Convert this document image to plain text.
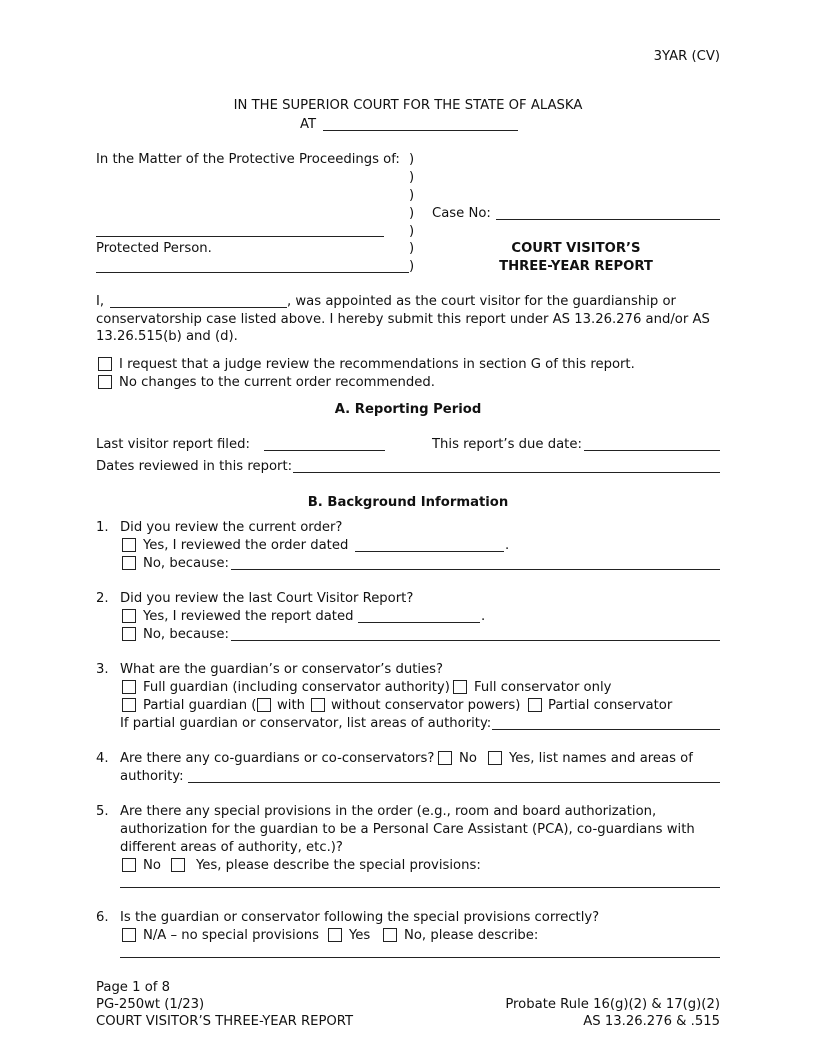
3YAR (CV)
IN THE SUPERIOR COURT FOR THE STATE OF ALASKA
AT
In the Matter of the Protective Proceedings of: )
)
)
)
)
)
)
Case No:
Protected Person.	COURT VISITOR’S
THREE-YEAR REPORT
I,	, was appointed as the court visitor for the guardianship or
conservatorship case listed above. I hereby submit this report under AS 13.26.276 and/or AS
13.26.515(b) and (d).
I request that a judge review the recommendations in section G of this report.
No changes to the current order recommended.
A. Reporting Period
Last visitor report filed:	This report’s due date:
Dates reviewed in this report:
B. Background Information
1. Did you review the current order?
Yes, I reviewed the order dated	.
No, because:
2. Did you review the last Court Visitor Report?
Yes, I reviewed the report dated	.
No, because:
3. What are the guardian’s or conservator’s duties?
Full guardian (including conservator authority) Full conservator only
Partial guardian ( with without conservator powers) Partial conservator
If partial guardian or conservator, list areas of authority:
4. Are there any co-guardians or co-conservators? No Yes, list names and areas of
authority:
5. Are there any special provisions in the order (e.g., room and board authorization,
authorization for the guardian to be a Personal Care Assistant (PCA), co-guardians with
different areas of authority, etc.)?
No	Yes, please describe the special provisions:
6. Is the guardian or conservator following the special provisions correctly?
N/A – no special provisions Yes	No, please describe:
Page 1 of 8
PG-250wt (1/23)
COURT VISITOR’S THREE-YEAR REPORT
Probate Rule 16(g)(2) & 17(g)(2)
AS 13.26.276 & .515
